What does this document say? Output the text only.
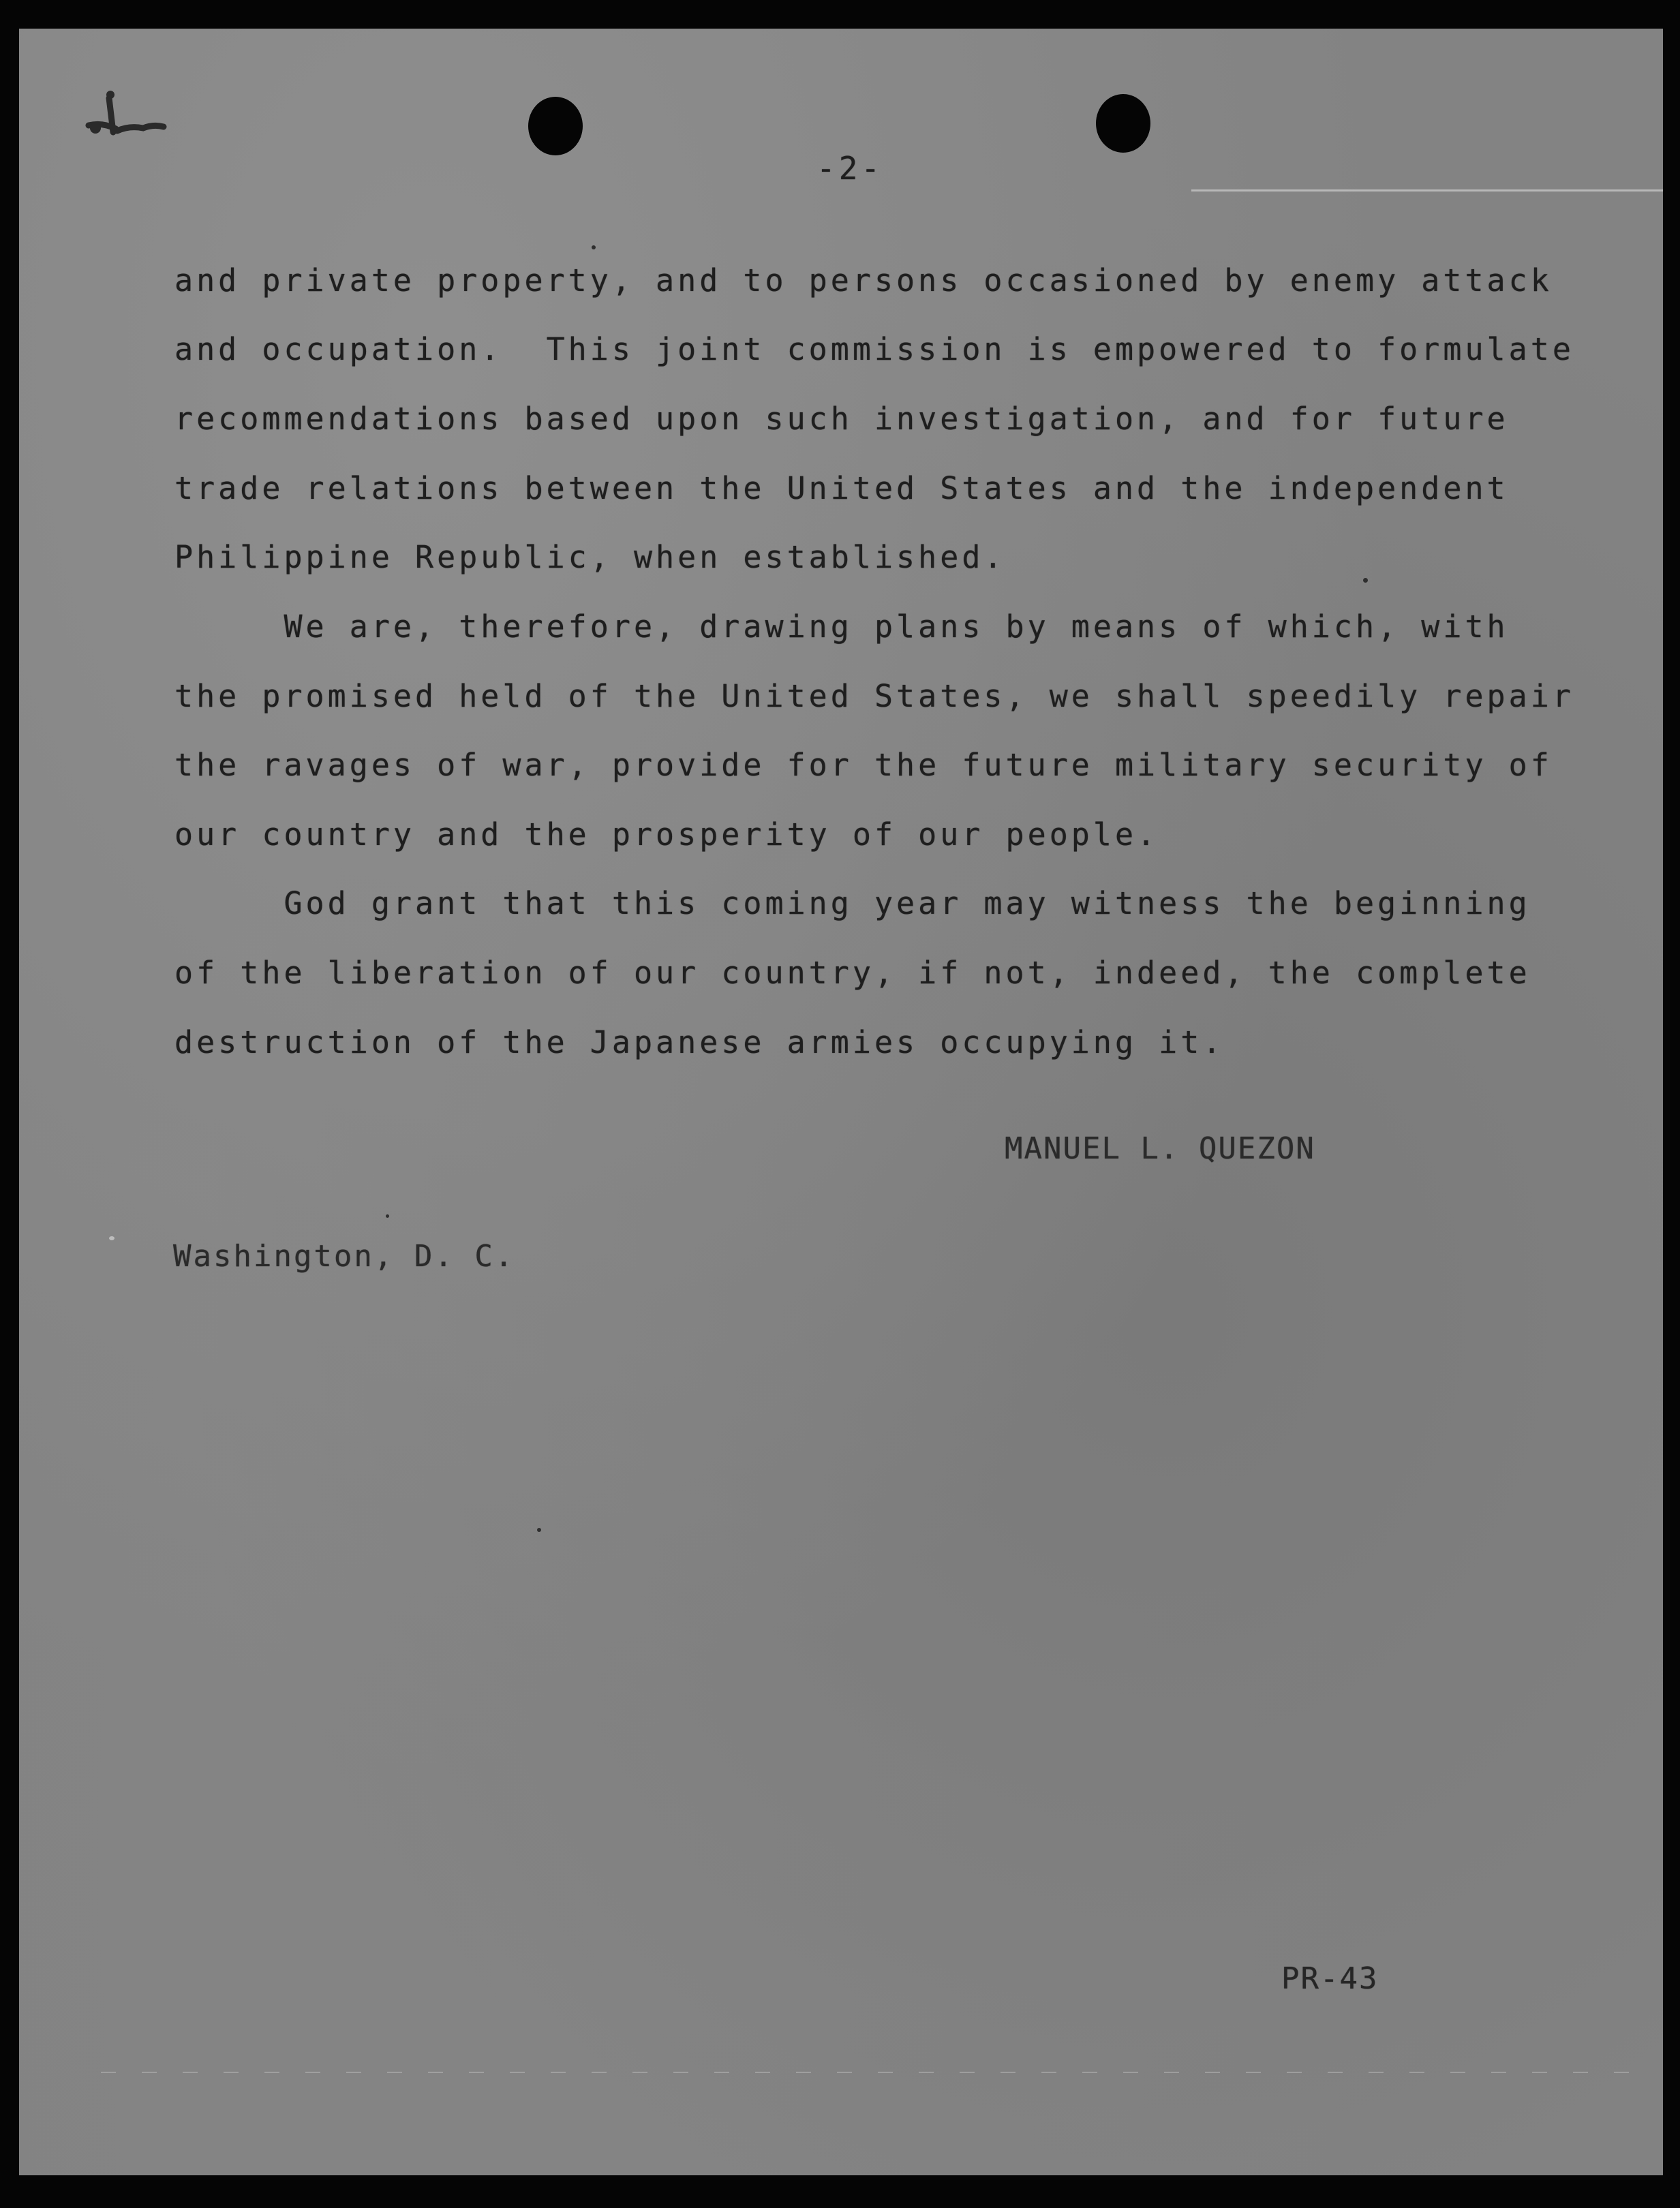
-2-

and private property, and to persons occasioned by enemy attack

and occupation.  This joint commission is empowered to formulate

recommendations based upon such investigation, and for future

trade relations between the United States and the independent

Philippine Republic, when established.

We are, therefore, drawing plans by means of which, with

the promised held of the United States, we shall speedily repair

the ravages of war, provide for the future military security of

our country and the prosperity of our people.

God grant that this coming year may witness the beginning

of the liberation of our country, if not, indeed, the complete

destruction of the Japanese armies occupying it.

MANUEL L. QUEZON
Washington, D. C.
PR-43
